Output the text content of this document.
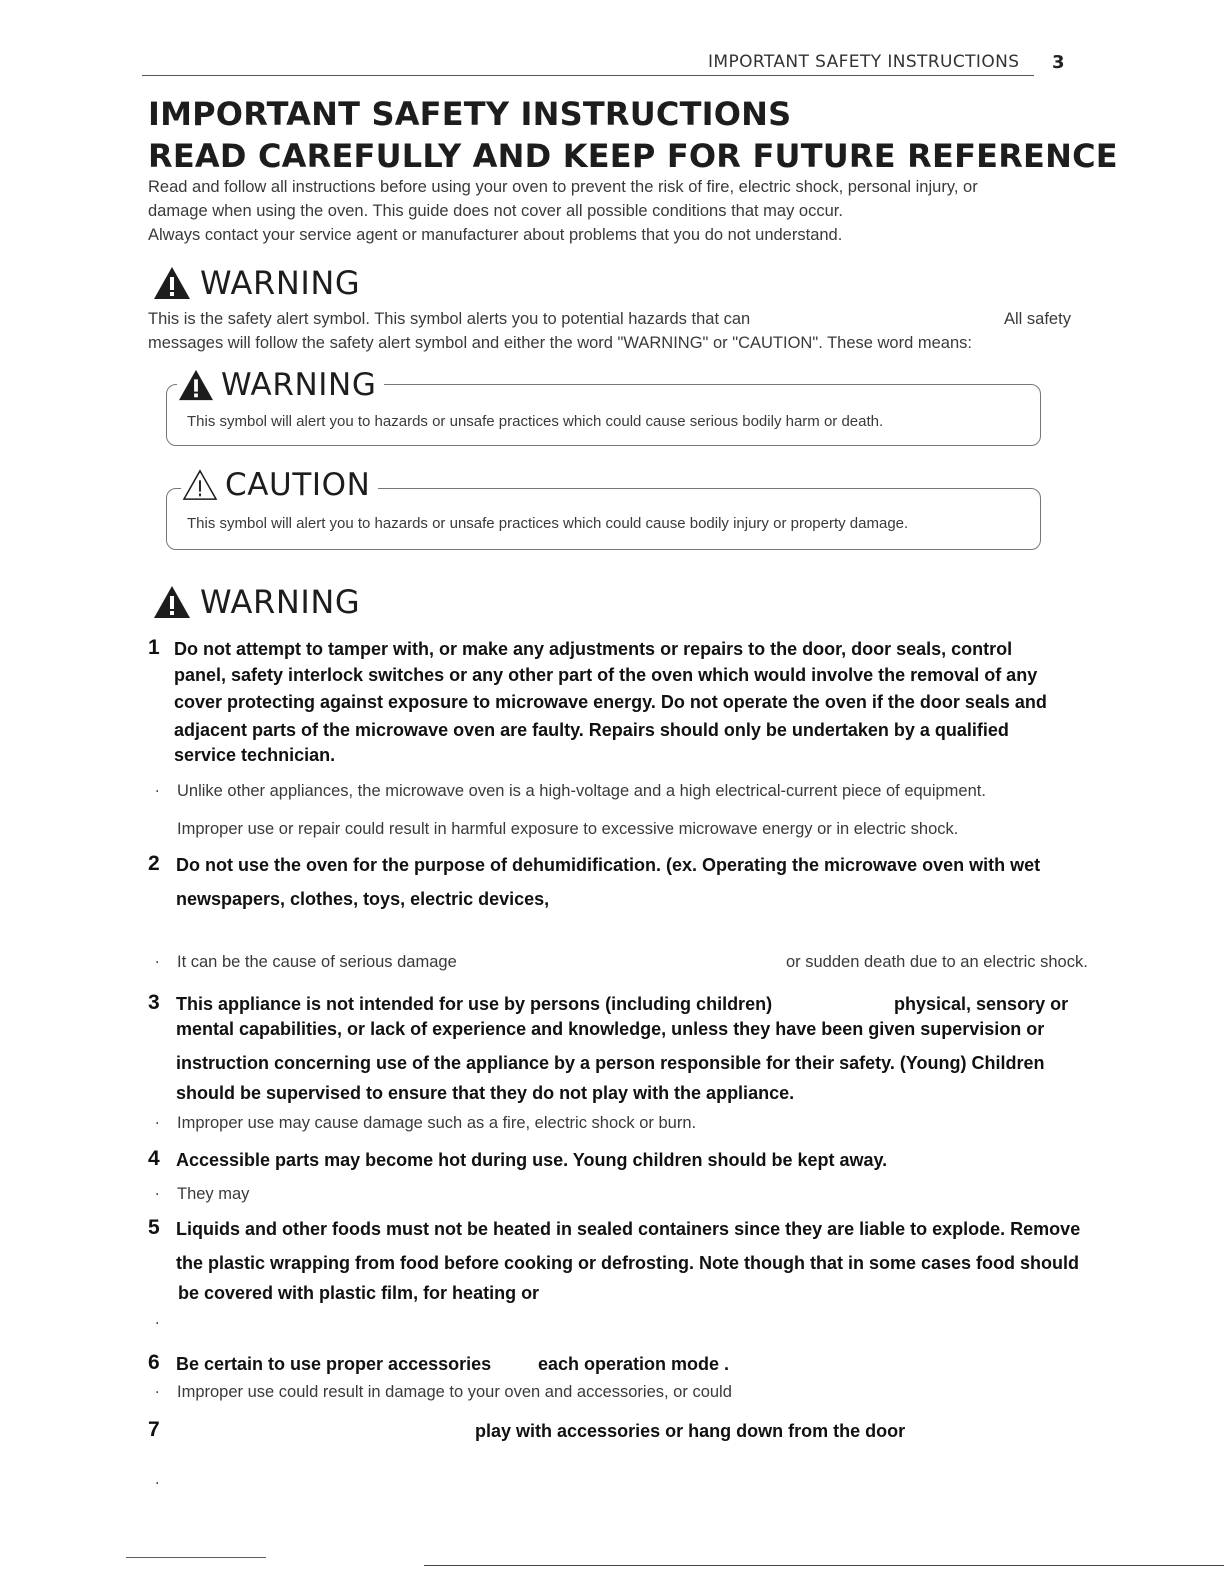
IMPORTANT SAFETY INSTRUCTIONS 3
IMPORTANT SAFETY INSTRUCTIONS
READ CAREFULLY AND KEEP FOR FUTURE REFERENCE
Read and follow all instructions before using your oven to prevent the risk of fire, electric shock, personal injury, or
damage when using the oven. This guide does not cover all possible conditions that may occur.
Always contact your service agent or manufacturer about problems that you do not understand.
WARNING
This is the safety alert symbol. This symbol alerts you to potential hazards that can	All safety
messages will follow the safety alert symbol and either the word "WARNING" or "CAUTION". These word means:
WARNING
This symbol will alert you to hazards or unsafe practices which could cause serious bodily harm or death.
CAUTION
This symbol will alert you to hazards or unsafe practices which could cause bodily injury or property damage.
WARNING
1 Do not attempt to tamper with, or make any adjustments or repairs to the door, door seals, control
panel, safety interlock switches or any other part of the oven which would involve the removal of any
cover protecting against exposure to microwave energy. Do not operate the oven if the door seals and
adjacent parts of the microwave oven are faulty. Repairs should only be undertaken by a qualified
service technician.
· Unlike other appliances, the microwave oven is a high-voltage and a high electrical-current piece of equipment.
Improper use or repair could result in harmful exposure to excessive microwave energy or in electric shock.
2 Do not use the oven for the purpose of dehumidification. (ex. Operating the microwave oven with wet
newspapers, clothes, toys, electric devices,
· It can be the cause of serious damage	or sudden death due to an electric shock.
3 This appliance is not intended for use by persons (including children)	physical, sensory or
mental capabilities, or lack of experience and knowledge, unless they have been given supervision or
instruction concerning use of the appliance by a person responsible for their safety. (Young) Children
should be supervised to ensure that they do not play with the appliance.
· Improper use may cause damage such as a fire, electric shock or burn.
4 Accessible parts may become hot during use. Young children should be kept away.
· They may
5 Liquids and other foods must not be heated in sealed containers since they are liable to explode. Remove
the plastic wrapping from food before cooking or defrosting. Note though that in some cases food should
be covered with plastic film, for heating or
·
6 Be certain to use proper accessories	each operation mode .
· Improper use could result in damage to your oven and accessories, or could
7	play with accessories or hang down from the door
·
